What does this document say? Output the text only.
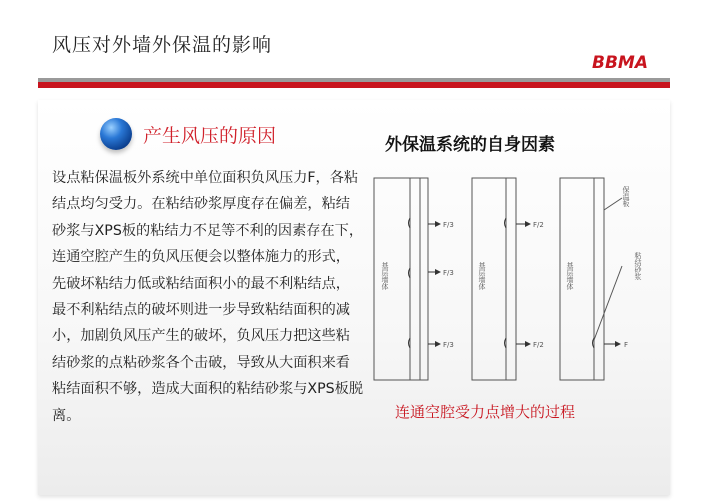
风压对外墙外保温的影响
BBMA
产生风压的原因

设点粘保温板外系统中单位面积负风压力F，各粘结点均匀受力。在粘结砂浆厚度存在偏差，粘结砂浆与XPS板的粘结力不足等不利的因素存在下，连通空腔产生的负风压便会以整体施力的形式，先破坏粘结力低或粘结面积小的最不利粘结点，最不利粘结点的破坏则进一步导致粘结面积的减小，加剧负风压产生的破坏，负风压力把这些粘结砂浆的点粘砂浆各个击破，导致从大面积来看粘结面积不够，造成大面积的粘结砂浆与XPS板脱离。

外保温系统的自身因素
基层墙体
F/3
F/3
F/3
基层墙体
F/2
F/2
基层墙体
F
保温板
粘结砂浆
连通空腔受力点增大的过程
